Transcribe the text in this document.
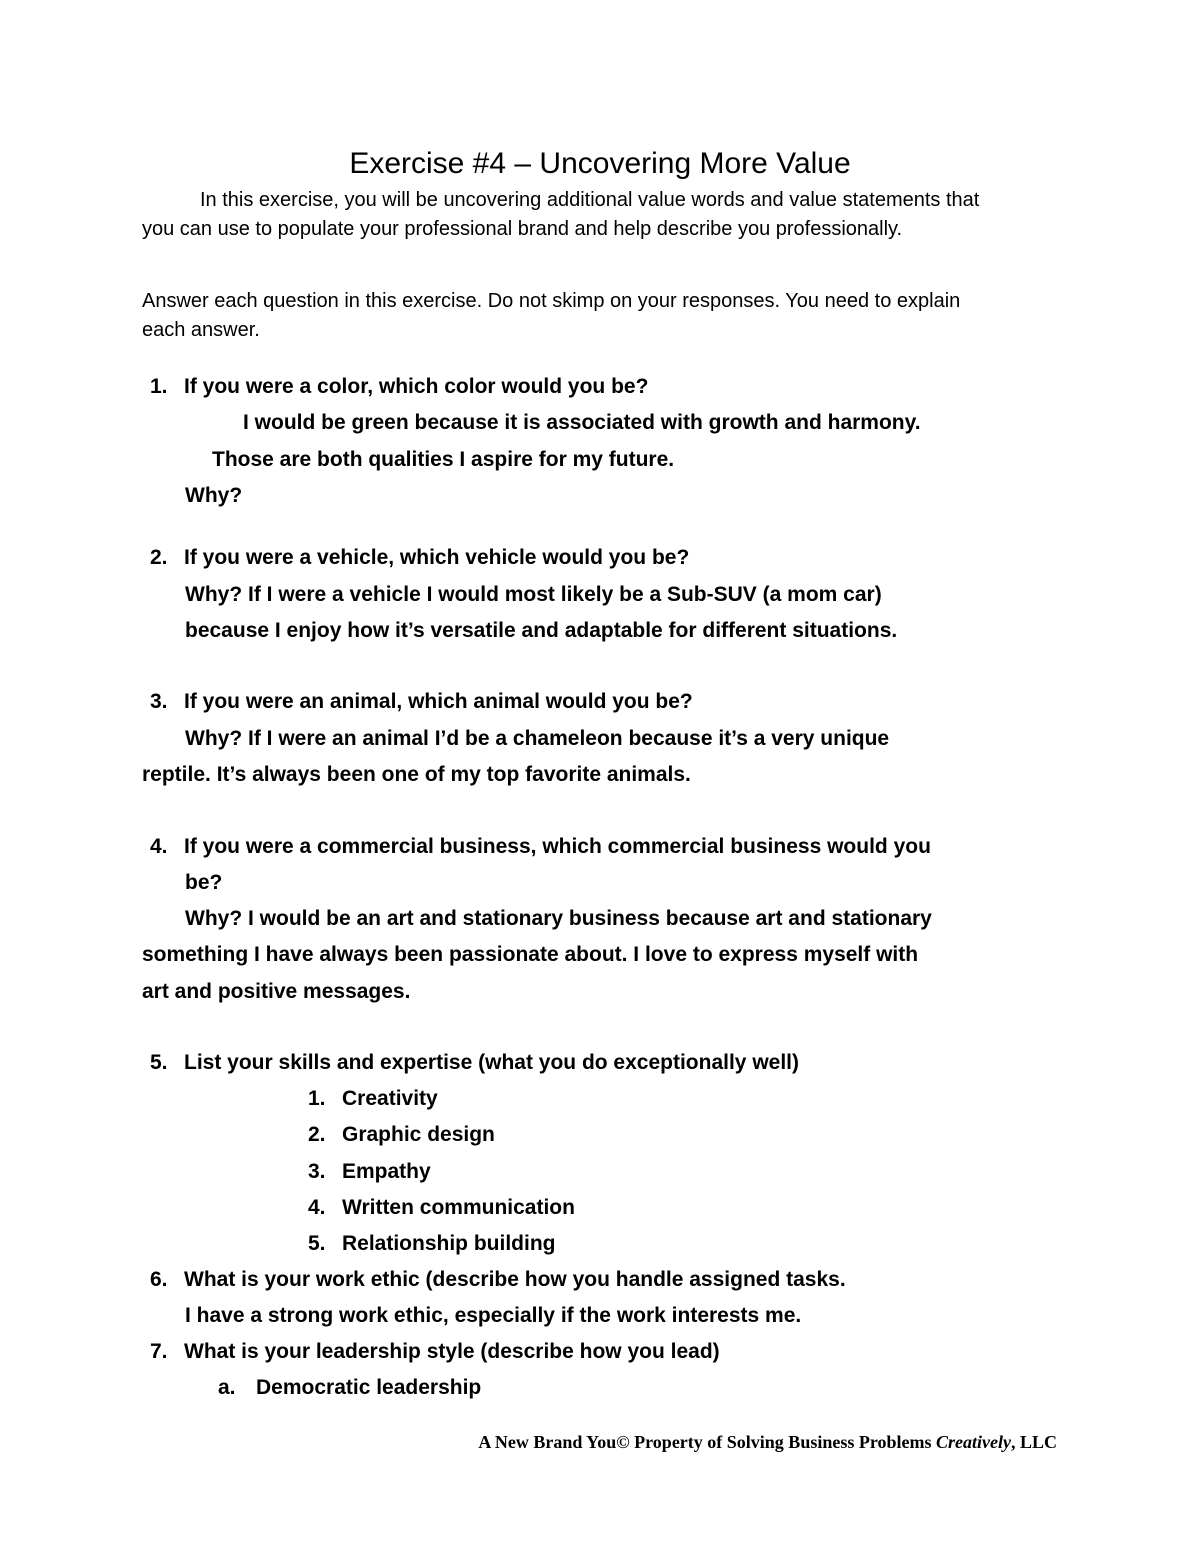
Exercise #4 – Uncovering More Value
In this exercise, you will be uncovering additional value words and value statements that
you can use to populate your professional brand and help describe you professionally.
Answer each question in this exercise. Do not skimp on your responses. You need to explain
each answer.
1. If you were a color, which color would you be?
I would be green because it is associated with growth and harmony.
Those are both qualities I aspire for my future.
Why?
2. If you were a vehicle, which vehicle would you be?
Why? If I were a vehicle I would most likely be a Sub-SUV (a mom car)
because I enjoy how it’s versatile and adaptable for different situations.
3. If you were an animal, which animal would you be?
Why? If I were an animal I’d be a chameleon because it’s a very unique
reptile. It’s always been one of my top favorite animals.
4. If you were a commercial business, which commercial business would you
be?
Why? I would be an art and stationary business because art and stationary
something I have always been passionate about. I love to express myself with
art and positive messages.
5. List your skills and expertise (what you do exceptionally well)
1. Creativity
2. Graphic design
3. Empathy
4. Written communication
5. Relationship building
6. What is your work ethic (describe how you handle assigned tasks.
I have a strong work ethic, especially if the work interests me.
7. What is your leadership style (describe how you lead)
a. Democratic leadership
A New Brand You© Property of Solving Business Problems Creatively, LLC
